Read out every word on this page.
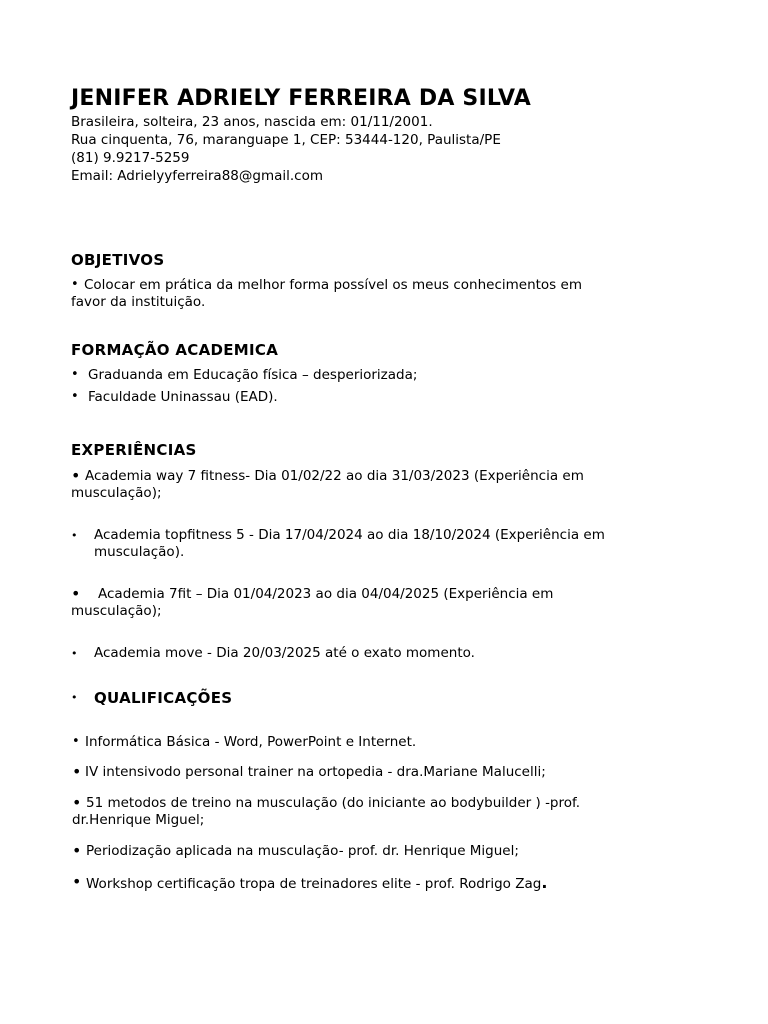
JENIFER ADRIELY FERREIRA DA SILVA

Brasileira, solteira, 23 anos, nascida em: 01/11/2001.

Rua cinquenta, 76, maranguape 1, CEP: 53444-120, Paulista/PE

(81) 9.9217-5259

Email: Adrielyyferreira88@gmail.com

OBJETIVOS
• Colocar em prática da melhor forma possível os meus conhecimentos em favor da instituição.

FORMAÇÃO ACADEMICA
• Graduanda em Educação física – desperiorizada;
• Faculdade Uninassau (EAD).
EXPERIÊNCIAS
• Academia way 7 fitness- Dia 01/02/22 ao dia 31/03/2023 (Experiência em musculação);

• Academia topfitness 5 - Dia 17/04/2024 ao dia 18/10/2024 (Experiência em musculação).

•	Academia 7fit – Dia 01/04/2023 ao dia 04/04/2025 (Experiência em musculação);

• Academia move - Dia 20/03/2025 até o exato momento.
• QUALIFICAÇÕES
• Informática Básica - Word, PowerPoint e Internet.
• IV intensivodo personal trainer na ortopedia - dra.Mariane Malucelli;
• 51 metodos de treino na musculação (do iniciante ao bodybuilder ) -prof. dr.Henrique Miguel;

• Periodização aplicada na musculação- prof. dr. Henrique Miguel;
• Workshop certificação tropa de treinadores elite - prof. Rodrigo Zag.
